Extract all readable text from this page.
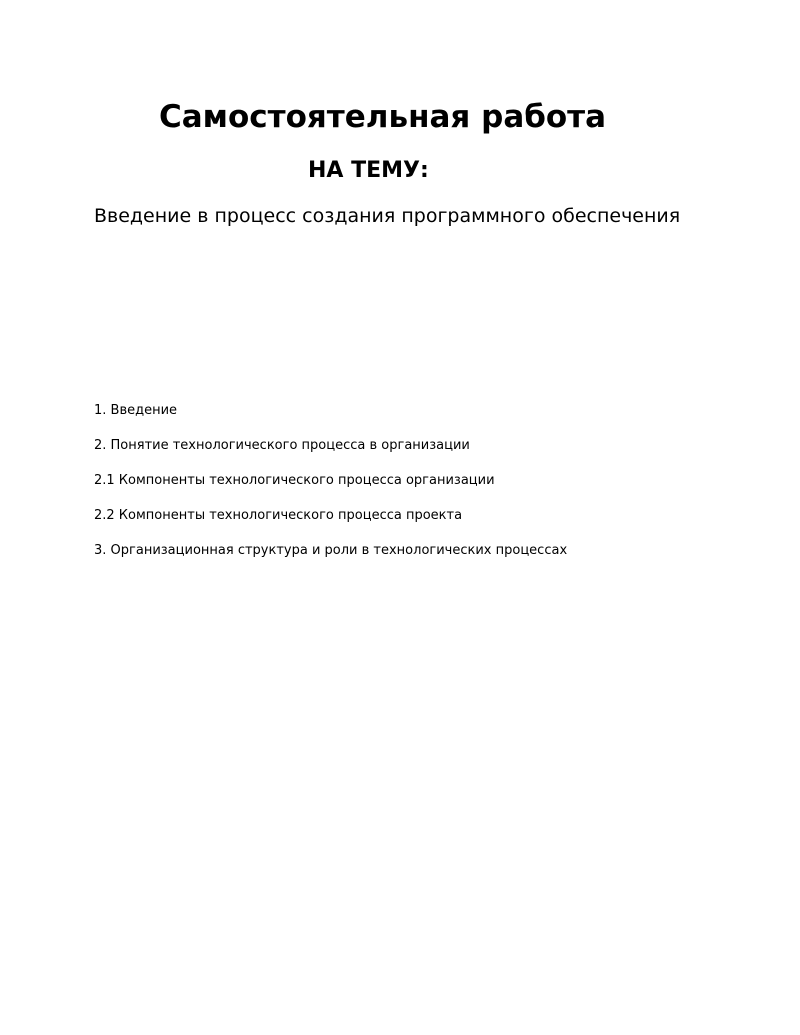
Самостоятельная работа
НА ТЕМУ:
Введение в процесс создания программного обеспечения
1. Введение
2. Понятие технологического процесса в организации
2.1 Компоненты технологического процесса организации
2.2 Компоненты технологического процесса проекта
3. Организационная структура и роли в технологических процессах
